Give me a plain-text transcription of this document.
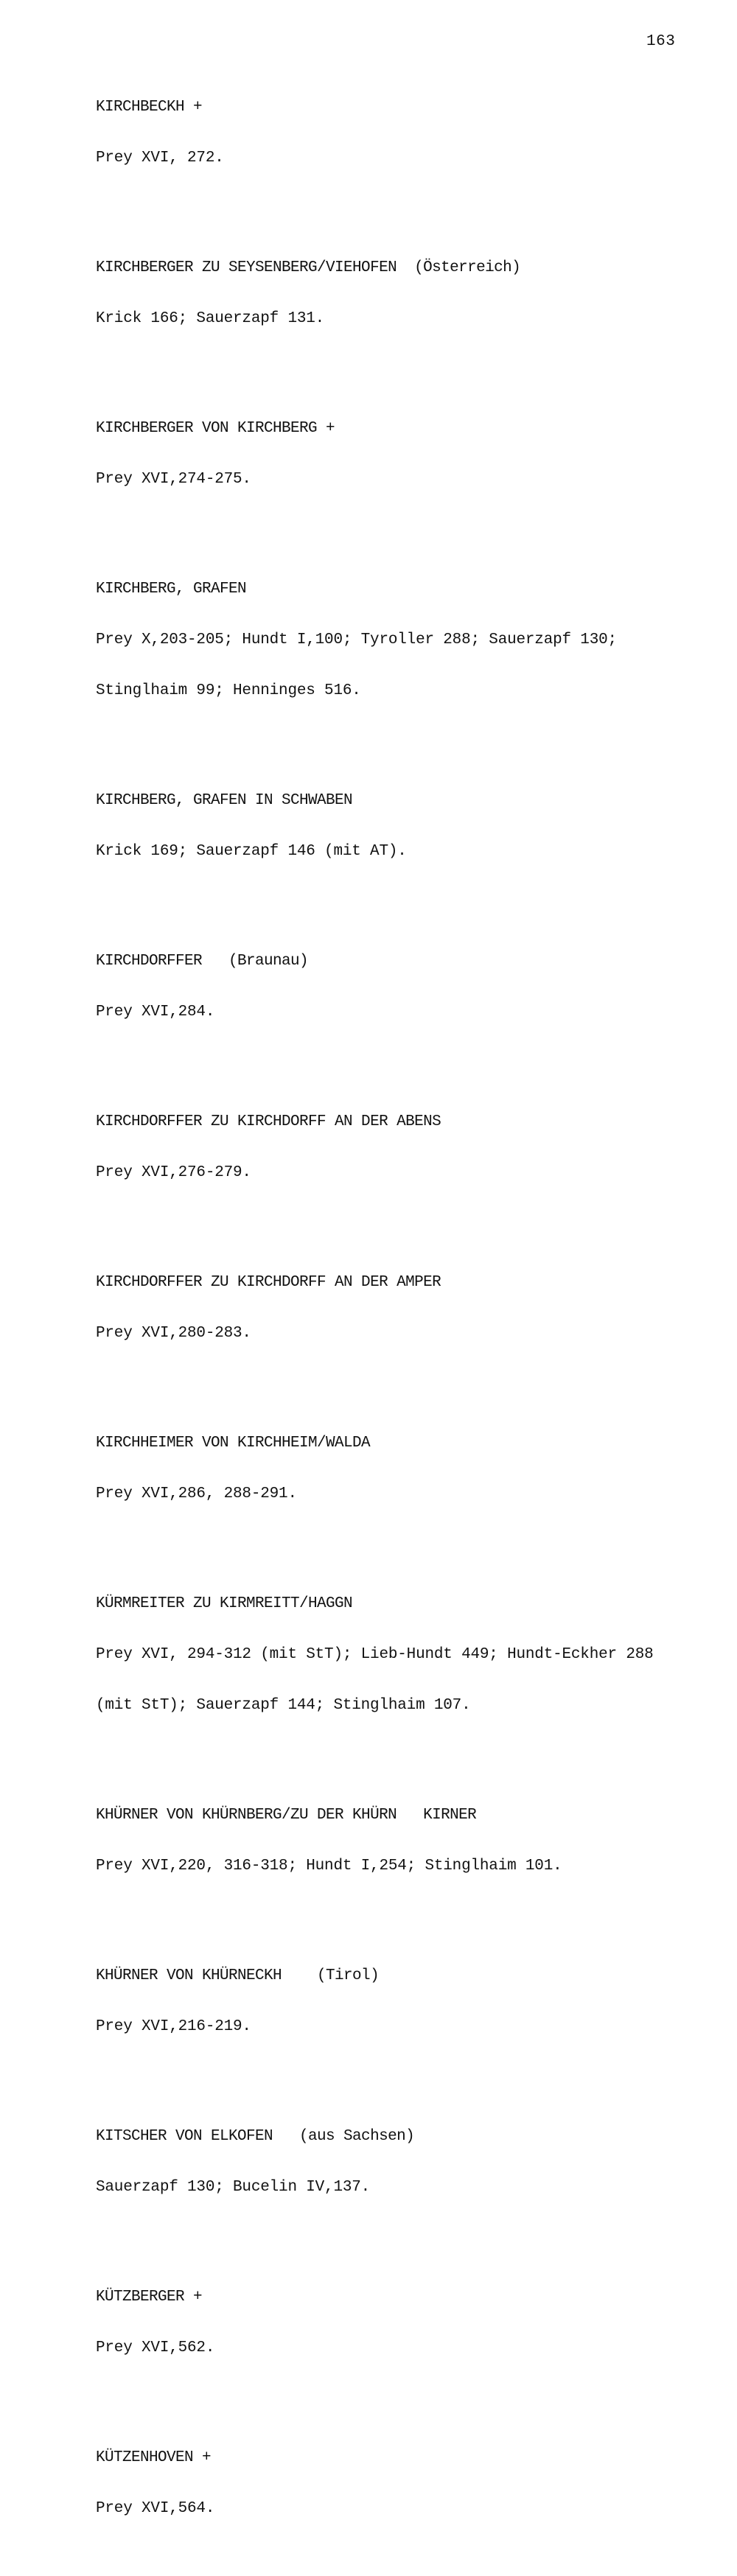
163

KIRCHBECKH +

Prey XVI, 272.

KIRCHBERGER ZU SEYSENBERG/VIEHOFEN  (Österreich)

Krick 166; Sauerzapf 131.

KIRCHBERGER VON KIRCHBERG +

Prey XVI,274-275.

KIRCHBERG, GRAFEN

Prey X,203-205; Hundt I,100; Tyroller 288; Sauerzapf 130;

Stinglhaim 99; Henninges 516.

KIRCHBERG, GRAFEN IN SCHWABEN

Krick 169; Sauerzapf 146 (mit AT).

KIRCHDORFFER   (Braunau)

Prey XVI,284.

KIRCHDORFFER ZU KIRCHDORFF AN DER ABENS

Prey XVI,276-279.

KIRCHDORFFER ZU KIRCHDORFF AN DER AMPER

Prey XVI,280-283.

KIRCHHEIMER VON KIRCHHEIM/WALDA

Prey XVI,286, 288-291.

KÜRMREITER ZU KIRMREITT/HAGGN

Prey XVI, 294-312 (mit StT); Lieb-Hundt 449; Hundt-Eckher 288

(mit StT); Sauerzapf 144; Stinglhaim 107.

KHÜRNER VON KHÜRNBERG/ZU DER KHÜRN   KIRNER

Prey XVI,220, 316-318; Hundt I,254; Stinglhaim 101.

KHÜRNER VON KHÜRNECKH    (Tirol)

Prey XVI,216-219.

KITSCHER VON ELKOFEN   (aus Sachsen)

Sauerzapf 130; Bucelin IV,137.

KÜTZBERGER +

Prey XVI,562.

KÜTZENHOVEN +

Prey XVI,564.
